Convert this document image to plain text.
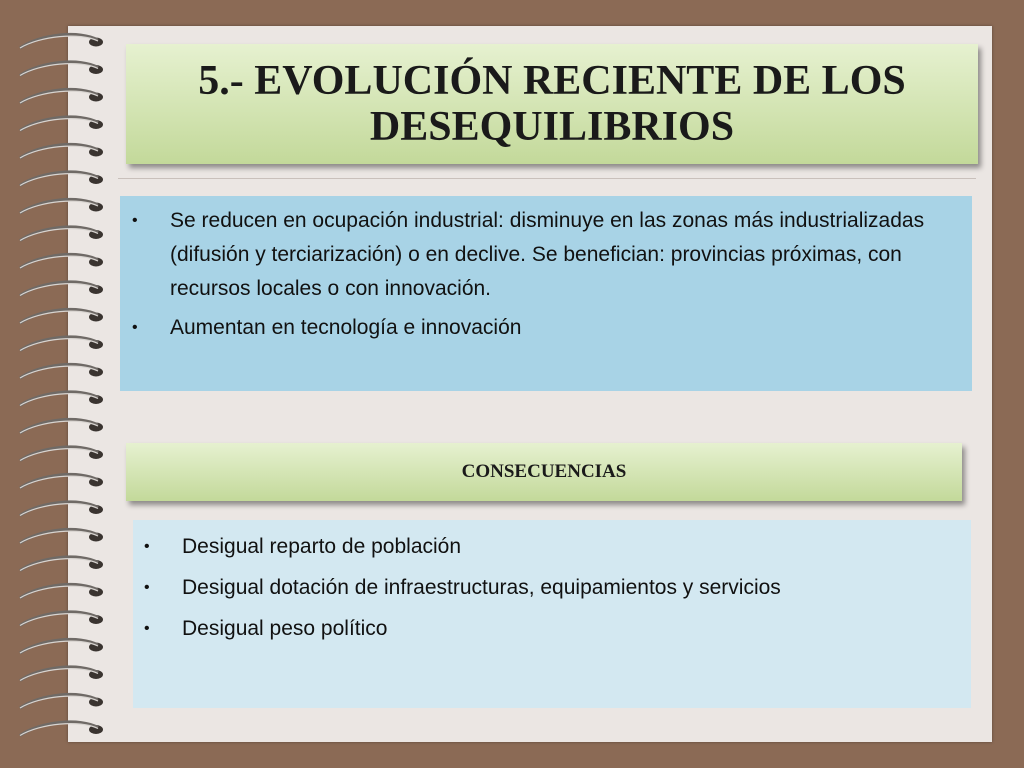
5.- EVOLUCIÓN RECIENTE DE LOS
DESEQUILIBRIOS
• Se reducen en ocupación industrial: disminuye en las zonas más industrializadas (difusión y terciarización) o en declive. Se benefician: provincias próximas, con recursos locales o con innovación.
• Aumentan en tecnología e innovación
CONSECUENCIAS
• Desigual reparto de población
• Desigual dotación de infraestructuras, equipamientos y servicios
• Desigual peso político
